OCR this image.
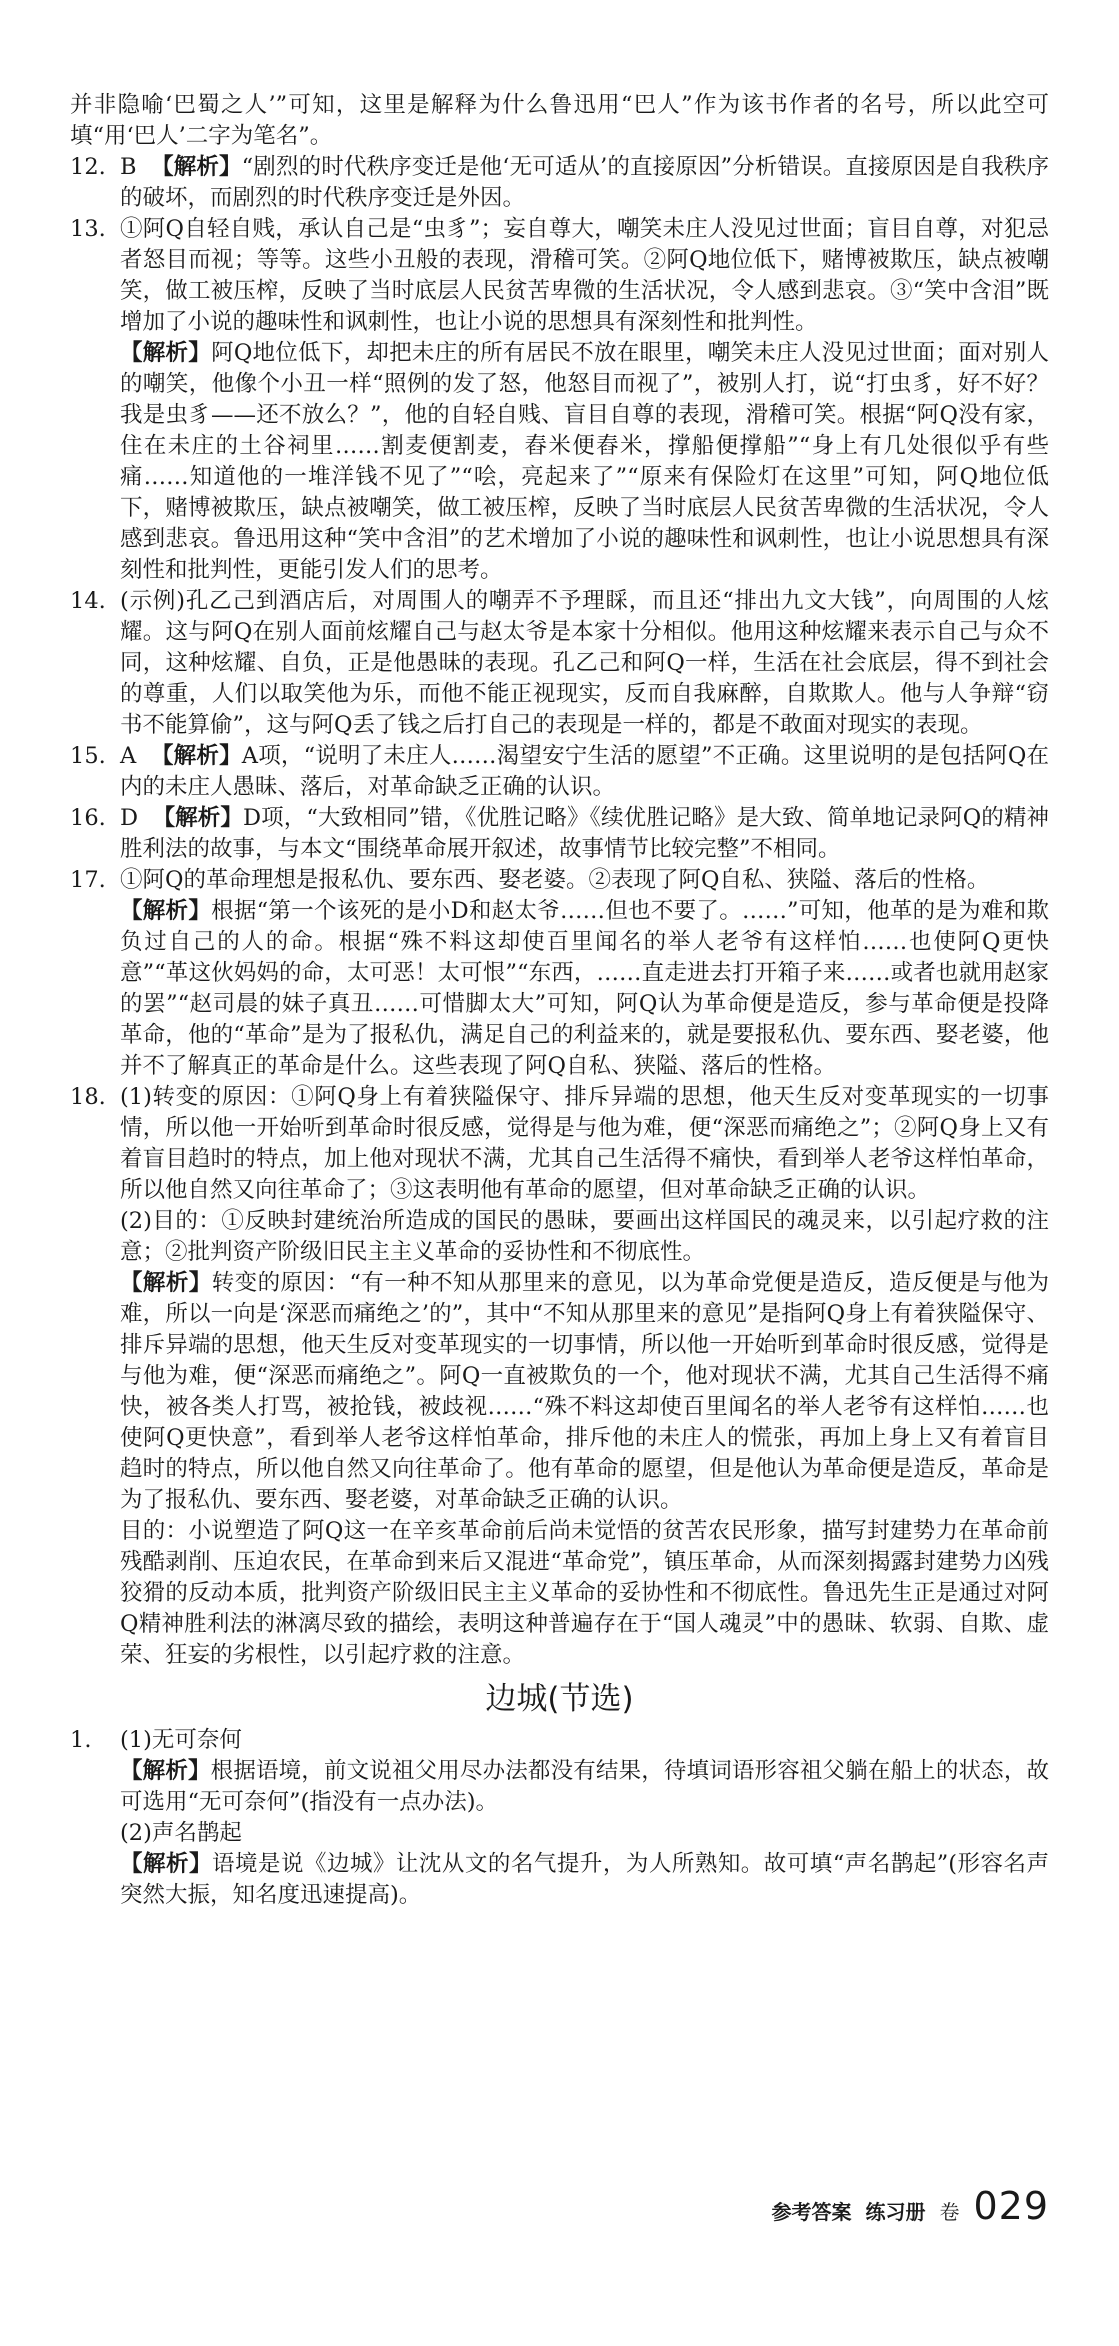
并非隐喻‘巴蜀之人’”可知，这里是解释为什么鲁迅用“巴人”作为该书作者的名号，所以此空可填“用‘巴人’二字为笔名”。

12. B 【解析】“剧烈的时代秩序变迁是他‘无可适从’的直接原因”分析错误。直接原因是自我秩序的破坏，而剧烈的时代秩序变迁是外因。
13. ①阿Q自轻自贱，承认自己是“虫豸”；妄自尊大，嘲笑未庄人没见过世面；盲目自尊，对犯忌者怒目而视；等等。这些小丑般的表现，滑稽可笑。②阿Q地位低下，赌博被欺压，缺点被嘲笑，做工被压榨，反映了当时底层人民贫苦卑微的生活状况，令人感到悲哀。③“笑中含泪”既增加了小说的趣味性和讽刺性，也让小说的思想具有深刻性和批判性。
【解析】阿Q地位低下，却把未庄的所有居民不放在眼里，嘲笑未庄人没见过世面；面对别人的嘲笑，他像个小丑一样“照例的发了怒，他怒目而视了”，被别人打，说“打虫豸，好不好？我是虫豸——还不放么？”，他的自轻自贱、盲目自尊的表现，滑稽可笑。根据“阿Q没有家，住在未庄的土谷祠里……割麦便割麦，舂米便舂米，撑船便撑船”“身上有几处很似乎有些痛……知道他的一堆洋钱不见了”“哙，亮起来了”“原来有保险灯在这里”可知，阿Q地位低下，赌博被欺压，缺点被嘲笑，做工被压榨，反映了当时底层人民贫苦卑微的生活状况，令人感到悲哀。鲁迅用这种“笑中含泪”的艺术增加了小说的趣味性和讽刺性，也让小说思想具有深刻性和批判性，更能引发人们的思考。
14. (示例)孔乙己到酒店后，对周围人的嘲弄不予理睬，而且还“排出九文大钱”，向周围的人炫耀。这与阿Q在别人面前炫耀自己与赵太爷是本家十分相似。他用这种炫耀来表示自己与众不同，这种炫耀、自负，正是他愚昧的表现。孔乙己和阿Q一样，生活在社会底层，得不到社会的尊重，人们以取笑他为乐，而他不能正视现实，反而自我麻醉，自欺欺人。他与人争辩“窃书不能算偷”，这与阿Q丢了钱之后打自己的表现是一样的，都是不敢面对现实的表现。
15. A 【解析】A项，“说明了未庄人……渴望安宁生活的愿望”不正确。这里说明的是包括阿Q在内的未庄人愚昧、落后，对革命缺乏正确的认识。
16. D 【解析】D项，“大致相同”错，《优胜记略》《续优胜记略》是大致、简单地记录阿Q的精神胜利法的故事，与本文“围绕革命展开叙述，故事情节比较完整”不相同。
17. ①阿Q的革命理想是报私仇、要东西、娶老婆。②表现了阿Q自私、狭隘、落后的性格。
【解析】根据“第一个该死的是小D和赵太爷……但也不要了。……”可知，他革的是为难和欺负过自己的人的命。根据“殊不料这却使百里闻名的举人老爷有这样怕……也使阿Q更快意”“革这伙妈妈的命，太可恶！太可恨”“东西，……直走进去打开箱子来……或者也就用赵家的罢”“赵司晨的妹子真丑……可惜脚太大”可知，阿Q认为革命便是造反，参与革命便是投降革命，他的“革命”是为了报私仇，满足自己的利益来的，就是要报私仇、要东西、娶老婆，他并不了解真正的革命是什么。这些表现了阿Q自私、狭隘、落后的性格。
18. (1)转变的原因：①阿Q身上有着狭隘保守、排斥异端的思想，他天生反对变革现实的一切事情，所以他一开始听到革命时很反感，觉得是与他为难，便“深恶而痛绝之”；②阿Q身上又有着盲目趋时的特点，加上他对现状不满，尤其自己生活得不痛快，看到举人老爷这样怕革命，所以他自然又向往革命了；③这表明他有革命的愿望，但对革命缺乏正确的认识。
(2)目的：①反映封建统治所造成的国民的愚昧，要画出这样国民的魂灵来，以引起疗救的注意；②批判资产阶级旧民主主义革命的妥协性和不彻底性。
【解析】转变的原因：“有一种不知从那里来的意见，以为革命党便是造反，造反便是与他为难，所以一向是‘深恶而痛绝之’的”，其中“不知从那里来的意见”是指阿Q身上有着狭隘保守、排斥异端的思想，他天生反对变革现实的一切事情，所以他一开始听到革命时很反感，觉得是与他为难，便“深恶而痛绝之”。阿Q一直被欺负的一个，他对现状不满，尤其自己生活得不痛快，被各类人打骂，被抢钱，被歧视……“殊不料这却使百里闻名的举人老爷有这样怕……也使阿Q更快意”，看到举人老爷这样怕革命，排斥他的未庄人的慌张，再加上身上又有着盲目趋时的特点，所以他自然又向往革命了。他有革命的愿望，但是他认为革命便是造反，革命是为了报私仇、要东西、娶老婆，对革命缺乏正确的认识。
目的：小说塑造了阿Q这一在辛亥革命前后尚未觉悟的贫苦农民形象，描写封建势力在革命前残酷剥削、压迫农民，在革命到来后又混进“革命党”，镇压革命，从而深刻揭露封建势力凶残狡猾的反动本质，批判资产阶级旧民主主义革命的妥协性和不彻底性。鲁迅先生正是通过对阿Q精神胜利法的淋漓尽致的描绘，表明这种普遍存在于“国人魂灵”中的愚昧、软弱、自欺、虚荣、狂妄的劣根性，以引起疗救的注意。
边城(节选)
1.	(1)无可奈何
【解析】根据语境，前文说祖父用尽办法都没有结果，待填词语形容祖父躺在船上的状态，故可选用“无可奈何”(指没有一点办法)。
(2)声名鹊起
【解析】语境是说《边城》让沈从文的名气提升，为人所熟知。故可填“声名鹊起”(形容名声突然大振，知名度迅速提高)。
参考答案 练习册 卷 029
